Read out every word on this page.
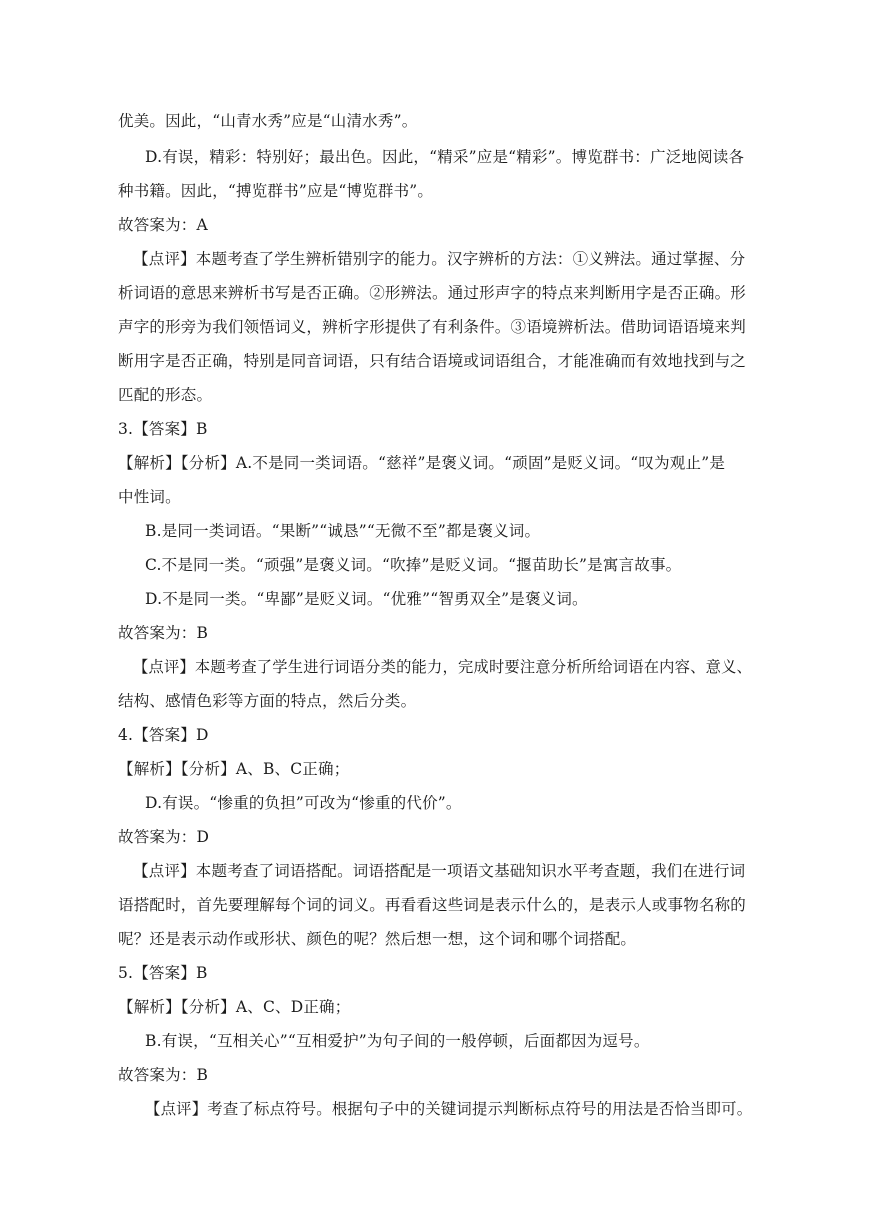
优美。因此，“山青水秀”应是“山清水秀”。
D.有误，精彩：特别好；最出色。因此，“精采”应是“精彩”。博览群书：广泛地阅读各
种书籍。因此，“搏览群书”应是“博览群书”。
故答案为：A
【点评】本题考查了学生辨析错别字的能力。汉字辨析的方法：①义辨法。通过掌握、分
析词语的意思来辨析书写是否正确。②形辨法。通过形声字的特点来判断用字是否正确。形
声字的形旁为我们领悟词义，辨析字形提供了有利条件。③语境辨析法。借助词语语境来判
断用字是否正确，特别是同音词语，只有结合语境或词语组合，才能准确而有效地找到与之
匹配的形态。
3.【答案】B
【解析】【分析】A.不是同一类词语。“慈祥”是褒义词。“顽固”是贬义词。“叹为观止”是
中性词。
B.是同一类词语。“果断”“诚恳”“无微不至”都是褒义词。
C.不是同一类。“顽强”是褒义词。“吹捧”是贬义词。“揠苗助长”是寓言故事。
D.不是同一类。“卑鄙”是贬义词。“优雅”“智勇双全”是褒义词。
故答案为：B
【点评】本题考查了学生进行词语分类的能力，完成时要注意分析所给词语在内容、意义、
结构、感情色彩等方面的特点，然后分类。
4.【答案】D
【解析】【分析】A、B、C正确；
D.有误。“惨重的负担”可改为“惨重的代价”。
故答案为：D
【点评】本题考查了词语搭配。词语搭配是一项语文基础知识水平考查题，我们在进行词
语搭配时，首先要理解每个词的词义。再看看这些词是表示什么的，是表示人或事物名称的
呢？还是表示动作或形状、颜色的呢？然后想一想，这个词和哪个词搭配。
5.【答案】B
【解析】【分析】A、C、D正确；
B.有误，“互相关心”“互相爱护”为句子间的一般停顿，后面都因为逗号。
故答案为：B
【点评】考查了标点符号。根据句子中的关键词提示判断标点符号的用法是否恰当即可。
